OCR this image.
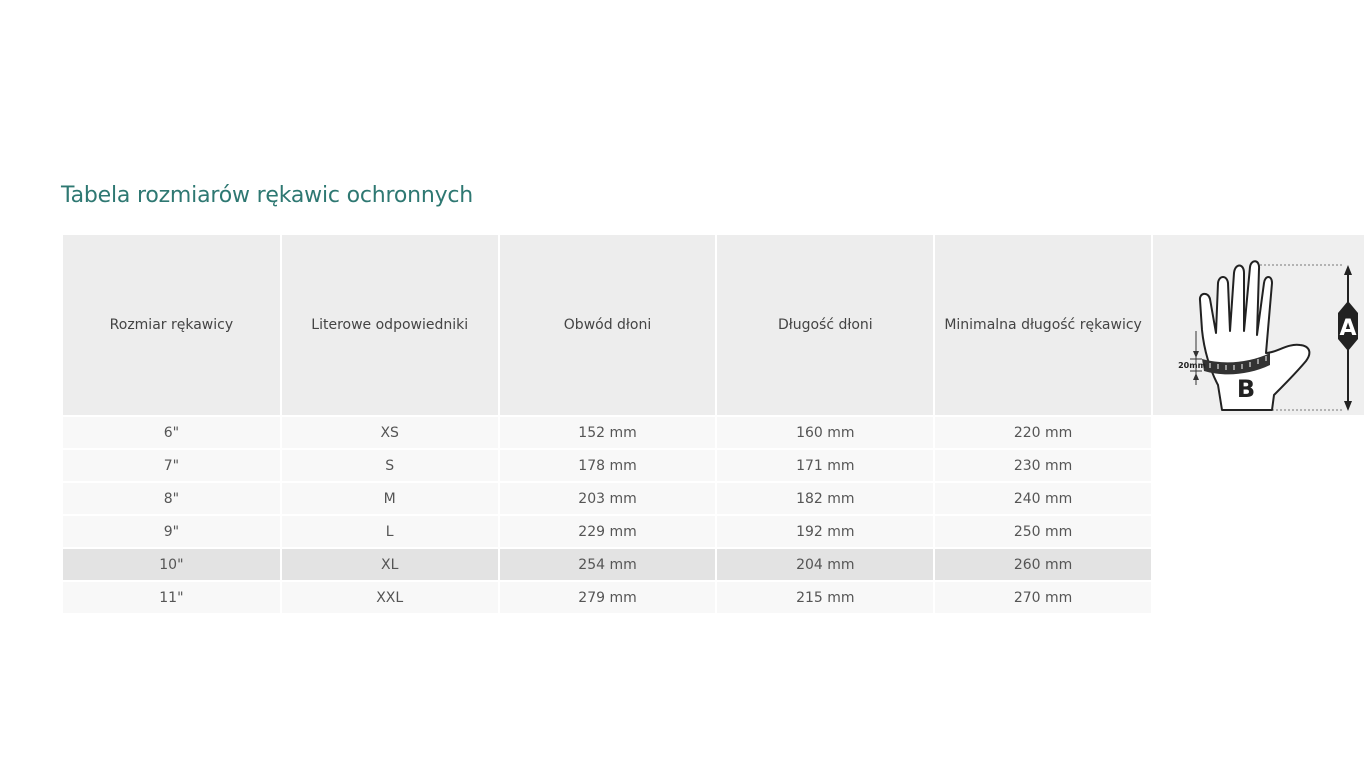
Tabela rozmiarów rękawic ochronnych
Rozmiar rękawicy	Literowe odpowiedniki	Obwód dłoni	Długość dłoni	Minimalna długość rękawicy	A
B
20mm

6"	XS	152 mm	160 mm	220 mm	
7"	S	178 mm	171 mm	230 mm	
8"	M	203 mm	182 mm	240 mm	
9"	L	229 mm	192 mm	250 mm	
10"	XL	254 mm	204 mm	260 mm	
11"	XXL	279 mm	215 mm	270 mm	
